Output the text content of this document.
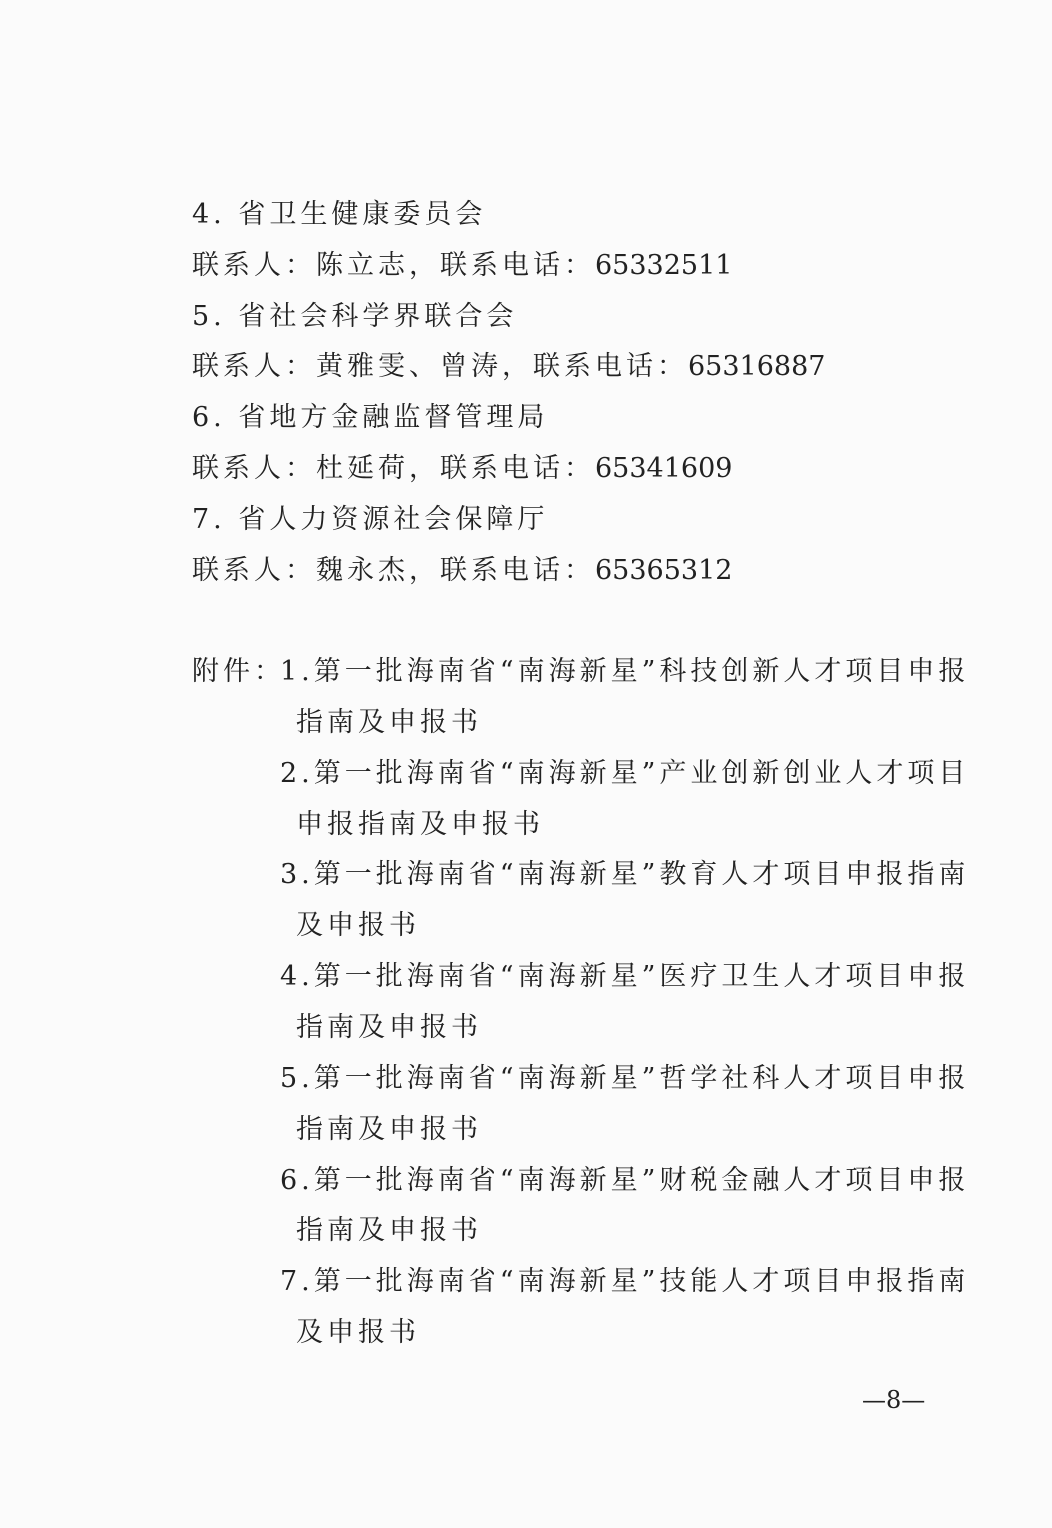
4. 省卫生健康委员会
联系人：陈立志，联系电话：65332511
5. 省社会科学界联合会
联系人：黄雅雯、曾涛，联系电话：65316887
6. 省地方金融监督管理局
联系人：杜延荷，联系电话：65341609
7. 省人力资源社会保障厅
联系人：魏永杰，联系电话：65365312
附件：
1.第一批海南省“南海新星”科技创新人才项目申报
指南及申报书
2.第一批海南省“南海新星”产业创新创业人才项目
申报指南及申报书
3.第一批海南省“南海新星”教育人才项目申报指南
及申报书
4.第一批海南省“南海新星”医疗卫生人才项目申报
指南及申报书
5.第一批海南省“南海新星”哲学社科人才项目申报
指南及申报书
6.第一批海南省“南海新星”财税金融人才项目申报
指南及申报书
7.第一批海南省“南海新星”技能人才项目申报指南
及申报书
—8—
